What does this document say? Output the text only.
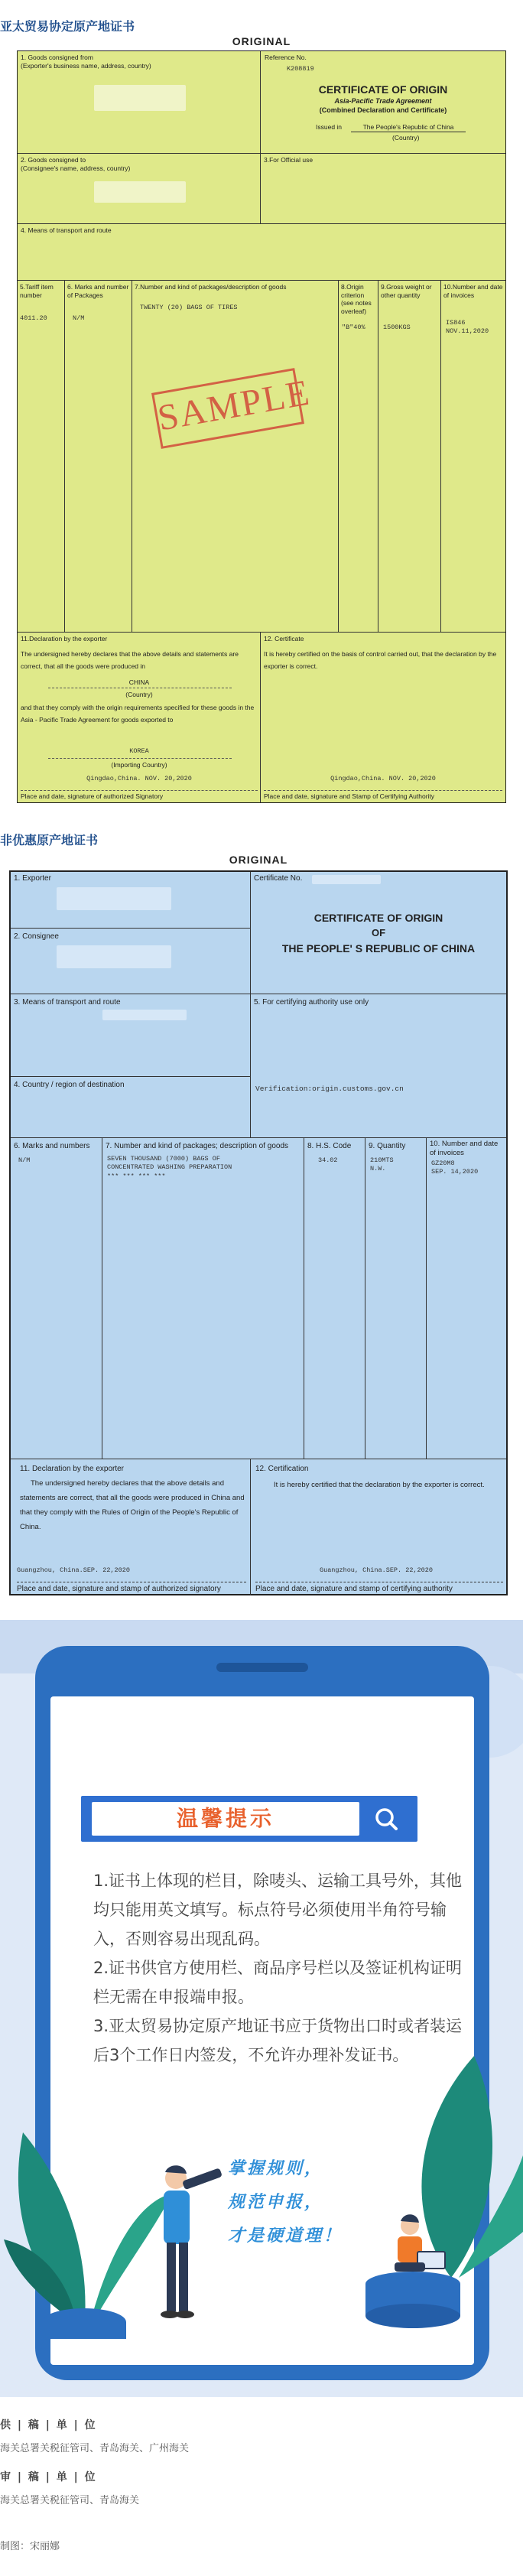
亚太贸易协定原产地证书
ORIGINAL
1. Goods consigned from
(Exporter's business name, address, country)
Reference No.
K208819
CERTIFICATE OF ORIGIN
Asia-Pacific Trade Agreement
(Combined Declaration and Certificate)
Issued in	The People's Republic of China
(Country)
2. Goods consigned to
(Consignee's name, address, country)
3.For Official use
4. Means of transport and route
5.Tariff item number
4011.20
6. Marks and number of Packages
N/M
7.Number and kind of packages/description of goods
TWENTY (20) BAGS OF TIRES
8.Origin criterion (see notes overleaf)
"B"40%
9.Gross weight or other quantity
1500KGS
10.Number and date of invoices
IS846
NOV.11,2020
SAMPLE
11.Declaration by the exporter
The undersigned hereby declares that the above details and statements are correct, that all the goods were produced in
CHINA
(Country)
and that they comply with the origin requirements specified for these goods in the Asia - Pacific Trade Agreement for goods exported to
KOREA
(Importing Country)
Qingdao,China. NOV. 20,2020
Place and date, signature of authorized Signatory
12. Certificate
It is hereby certified on the basis of control carried out, that the declaration by the exporter is correct.
Qingdao,China. NOV. 20,2020
Place and date, signature and Stamp of Certifying Authority
非优惠原产地证书
ORIGINAL
1. Exporter
2. Consignee
3. Means of transport and route
4. Country / region of destination
Certificate No.
CERTIFICATE OF ORIGIN
OF
THE PEOPLE' S REPUBLIC OF CHINA
5. For certifying authority use only
Verification:origin.customs.gov.cn
6. Marks and numbers
N/M
7. Number and kind of packages; description of goods
SEVEN THOUSAND (7000) BAGS OF
CONCENTRATED WASHING PREPARATION
*** *** *** ***
8. H.S. Code
34.02
9. Quantity
210MTS
N.W.
10. Number and date of invoices
GZ20M8
SEP. 14,2020
11. Declaration by the exporter
The undersigned hereby declares that the above details and statements are correct, that all the goods were produced in China and that they comply with the Rules of Origin of the People's Republic of China.
Guangzhou, China.SEP. 22,2020
Place and date, signature and stamp of authorized signatory
12. Certification
It is hereby certified that the declaration by the exporter is correct.
Guangzhou, China.SEP. 22,2020
Place and date, signature and stamp of certifying authority
温馨提示
1.证书上体现的栏目，除唛头、运输工具号外，其他均只能用英文填写。标点符号必须使用半角符号输入，否则容易出现乱码。
2.证书供官方使用栏、商品序号栏以及签证机构证明栏无需在申报端申报。
3.亚太贸易协定原产地证书应于货物出口时或者装运后3个工作日内签发，不允许办理补发证书。
掌握规则，
规范申报，
才是硬道理！
供 | 稿 | 单 | 位
海关总署关税征管司、青岛海关、广州海关
审 | 稿 | 单 | 位
海关总署关税征管司、青岛海关
制图：宋丽娜
